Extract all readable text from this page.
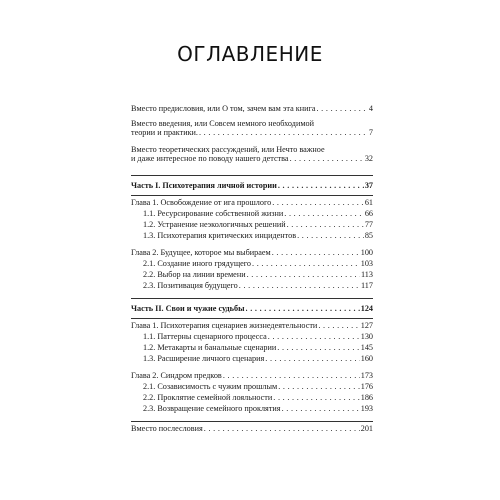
ОГЛАВЛЕНИЕ
Вместо предисловия, или О том, зачем вам эта книга . . .	4
Вместо введения, или Совсем немного необходимой
теории и практики. . . .	7
Вместо теоретических рассуждений, или Нечто важное
и даже интересное по поводу нашего детства . . .	32
Часть I. Психотерапия личной истории . . .	37
Глава 1. Освобождение от ига прошлого . . .	61
1.1. Ресурсирование собственной жизни . . .	66
1.2. Устранение неэкологичных решений . . .	77
1.3. Психотерапия критических инцидентов . . .	85
Глава 2. Будущее, которое мы выбираем . . .	100
2.1. Создание иного грядущего . . .	103
2.2. Выбор на линии времени . . .	113
2.3. Позитивация будущего . . .	117
Часть II. Свои и чужие судьбы . . .	124
Глава 1. Психотерапия сценариев жизнедеятельности . . .	127
1.1. Паттерны сценарного процесса . . .	130
1.2. Метакарты и банальные сценарии . . .	145
1.3. Расширение личного сценария . . .	160
Глава 2. Синдром предков . . .	173
2.1. Созависимость с чужим прошлым . . .	176
2.2. Проклятие семейной лояльности . . .	186
2.3. Возвращение семейного проклятия . . .	193
Вместо послесловия . . .	201
